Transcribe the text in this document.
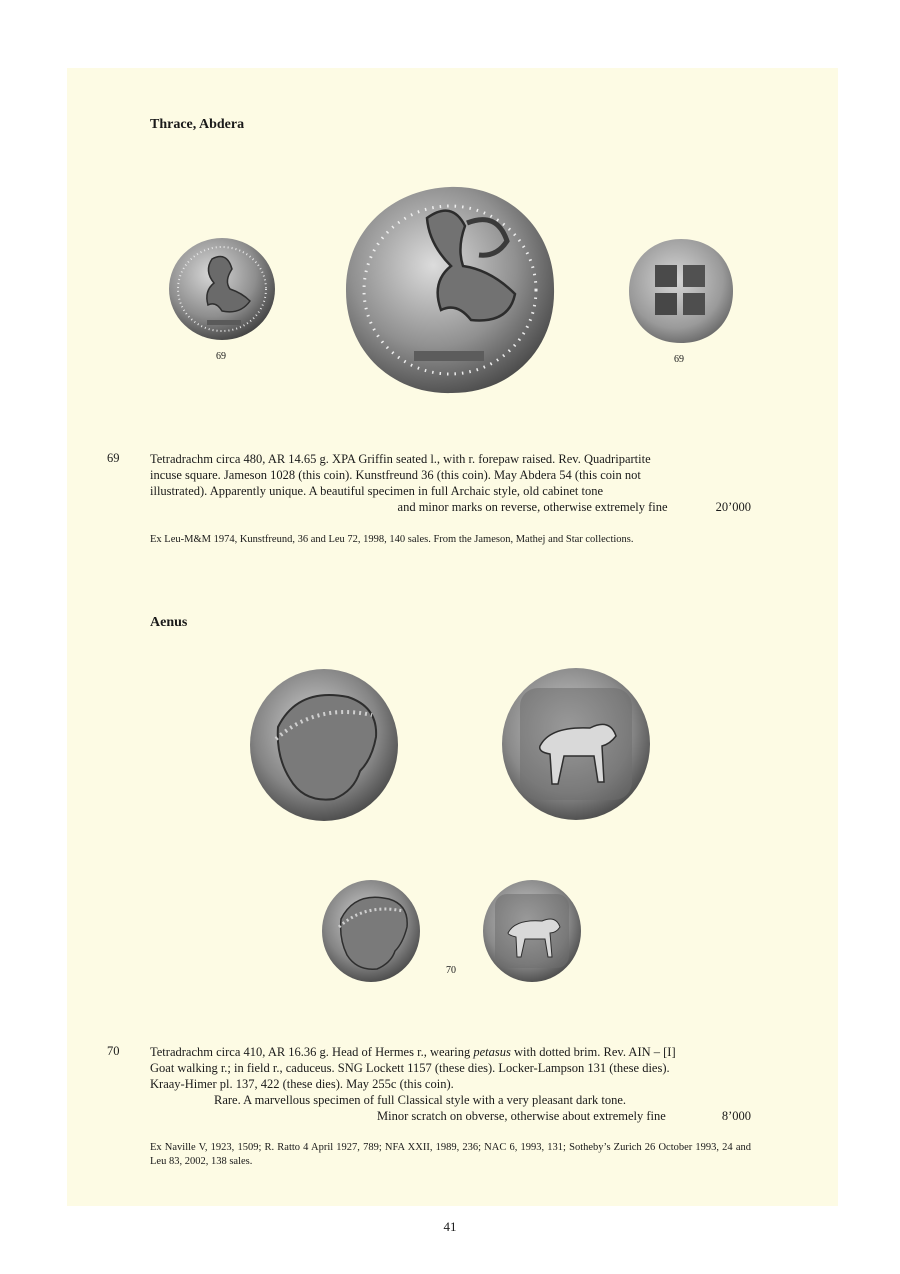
Thrace, Abdera
69	69
69 Tetradrachm circa 480, AR 14.65 g. XPA Griffin seated l., with r. forepaw raised. Rev. Quadripartite

incuse square. Jameson 1028 (this coin). Kunstfreund 36 (this coin). May Abdera 54 (this coin not

illustrated). Apparently unique. A beautiful specimen in full Archaic style, old cabinet tone

and minor marks on reverse, otherwise extremely fine	20’000
Ex Leu-M&M 1974, Kunstfreund, 36 and Leu 72, 1998, 140 sales. From the Jameson, Mathej and Star collections.
Aenus
70
70 Tetradrachm circa 410, AR 16.36 g. Head of Hermes r., wearing petasus with dotted brim. Rev. AIN – [I]

Goat walking r.; in field r., caduceus. SNG Lockett 1157 (these dies). Locker-Lampson 131 (these dies).

Kraay-Himer pl. 137, 422 (these dies). May 255c (this coin).

Rare. A marvellous specimen of full Classical style with a very pleasant dark tone.

Minor scratch on obverse, otherwise about extremely fine	8’000
Ex Naville V, 1923, 1509; R. Ratto 4 April 1927, 789; NFA XXII, 1989, 236; NAC 6, 1993, 131; Sotheby’s Zurich 26 October 1993, 24 and Leu 83, 2002, 138 sales.
41
